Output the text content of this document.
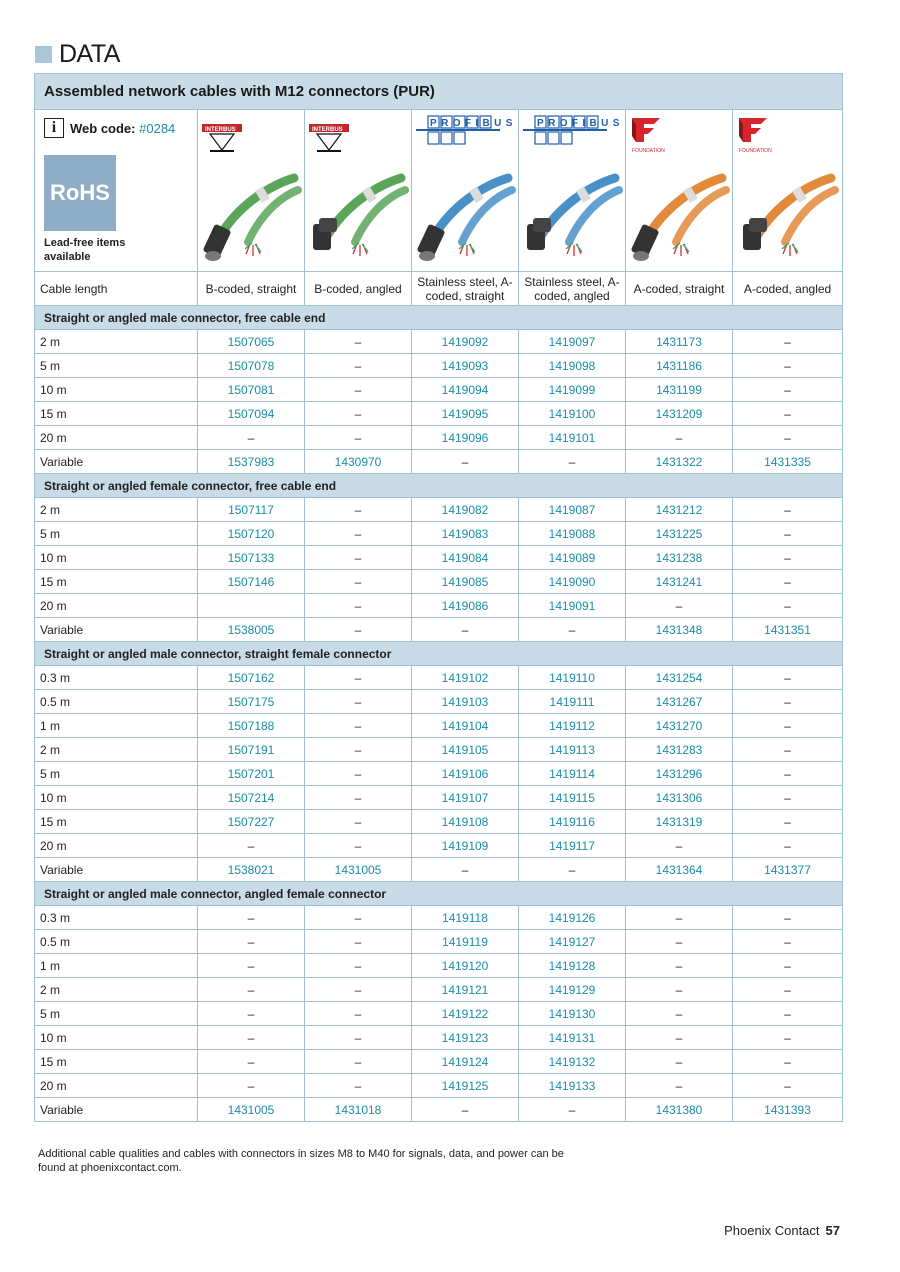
DATA
Assembled network cables with M12 connectors (PUR)						

i Web code: #0284
RoHS
Lead-free items available	INTERBUS	INTERBUS	PROFIBUS	PROFIBUS	FOUNDATION	FOUNDATION

Cable length	B-coded, straight	B-coded, angled	Stainless steel, A-coded, straight	Stainless steel, A-coded, angled	A-coded, straight	A-coded, angled
Straight or angled male connector, free cable end						
2 m	1507065	–	1419092	1419097	1431173	–
5 m	1507078	–	1419093	1419098	1431186	–
10 m	1507081	–	1419094	1419099	1431199	–
15 m	1507094	–	1419095	1419100	1431209	–
20 m	–	–	1419096	1419101	–	–
Variable	1537983	1430970	–	–	1431322	1431335
Straight or angled female connector, free cable end						
2 m	1507117	–	1419082	1419087	1431212	–
5 m	1507120	–	1419083	1419088	1431225	–
10 m	1507133	–	1419084	1419089	1431238	–
15 m	1507146	–	1419085	1419090	1431241	–
20 m		–	1419086	1419091	–	–
Variable	1538005	–	–	–	1431348	1431351
Straight or angled male connector, straight female connector						
0.3 m	1507162	–	1419102	1419110	1431254	–
0.5 m	1507175	–	1419103	1419111	1431267	–
1 m	1507188	–	1419104	1419112	1431270	–
2 m	1507191	–	1419105	1419113	1431283	–
5 m	1507201	–	1419106	1419114	1431296	–
10 m	1507214	–	1419107	1419115	1431306	–
15 m	1507227	–	1419108	1419116	1431319	–
20 m	–	–	1419109	1419117	–	–
Variable	1538021	1431005	–	–	1431364	1431377
Straight or angled male connector, angled female connector						
0.3 m	–	–	1419118	1419126	–	–
0.5 m	–	–	1419119	1419127	–	–
1 m	–	–	1419120	1419128	–	–
2 m	–	–	1419121	1419129	–	–
5 m	–	–	1419122	1419130	–	–
10 m	–	–	1419123	1419131	–	–
15 m	–	–	1419124	1419132	–	–
20 m	–	–	1419125	1419133	–	–
Variable	1431005	1431018	–	–	1431380	1431393
Additional cable qualities and cables with connectors in sizes M8 to M40 for signals, data, and power can be found at phoenixcontact.com.
Phoenix Contact 57
